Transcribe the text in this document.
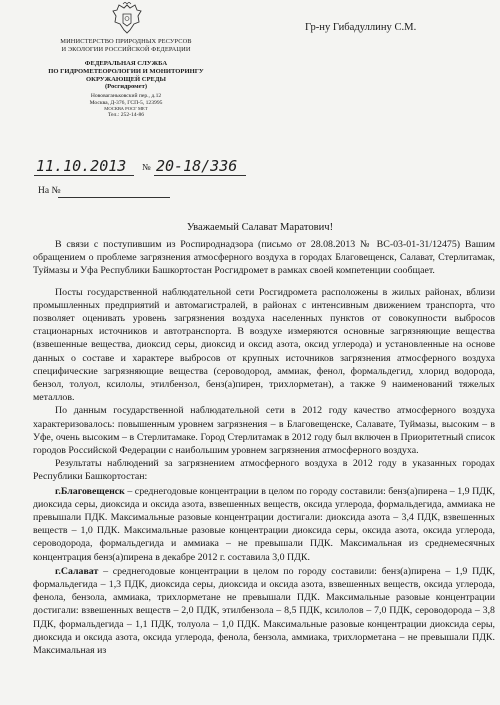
МИНИСТЕРСТВО ПРИРОДНЫХ РЕСУРСОВ
И ЭКОЛОГИИ РОССИЙСКОЙ ФЕДЕРАЦИИ
ФЕДЕРАЛЬНАЯ СЛУЖБА
ПО ГИДРОМЕТЕОРОЛОГИИ И МОНИТОРИНГУ
ОКРУЖАЮЩЕЙ СРЕДЫ
(Росгидромет)
Нововаганьковский пер., д.12
Москва, Д-376, ГСП-5, 123995
МОСКВА РОСГ МЕТ
Тел.: 252-14-86
Гр-ну Гибадуллину С.М.
11.10.2013 № 20-18/336
На №
Уважаемый Салават Маратович!

В связи с поступившим из Роспироднадзора (письмо от 28.08.2013 № ВС-03-01-31/12475) Вашим обращением о проблеме загрязнения атмосферного воздуха в городах Благовещенск, Салават, Стерлитамак, Туймазы и Уфа Республики Башкортостан Росгидромет в рамках своей компетенции сообщает.

Посты государственной наблюдательной сети Росгидромета расположены в жилых районах, вблизи промышленных предприятий и автомагистралей, в районах с интенсивным движением транспорта, что позволяет оценивать уровень загрязнения воздуха населенных пунктов от совокупности выбросов стационарных источников и автотранспорта. В воздухе измеряются основные загрязняющие вещества (взвешенные вещества, диоксид серы, диоксид и оксид азота, оксид углерода) и установленные на основе данных о составе и характере выбросов от крупных источников загрязнения атмосферного воздуха специфические загрязняющие вещества (сероводород, аммиак, фенол, формальдегид, хлорид водорода, бензол, толуол, ксилолы, этилбензол, бенз(а)пирен, трихлорметан), а также 9 наименований тяжелых металлов.

По данным государственной наблюдательной сети в 2012 году качество атмосферного воздуха характеризовалось: повышенным уровнем загрязнения – в Благовещенске, Салавате, Туймазы, высоким – в Уфе, очень высоким – в Стерлитамаке. Город Стерлитамак в 2012 году был включен в Приоритетный список городов Российской Федерации с наибольшим уровнем загрязнения атмосферного воздуха.

Результаты наблюдений за загрязнением атмосферного воздуха в 2012 году в указанных городах Республики Башкортостан:

г.Благовещенск – среднегодовые концентрации в целом по городу составили: бенз(а)пирена – 1,9 ПДК, диоксида серы, диоксида и оксида азота, взвешенных веществ, оксида углерода, формальдегида, аммиака не превышали ПДК. Максимальные разовые концентрации достигали: диоксида азота – 3,4 ПДК, взвешенных веществ – 1,0 ПДК. Максимальные разовые концентрации диоксида серы, оксида азота, оксида углерода, сероводорода, формальдегида и аммиака – не превышали ПДК. Максимальная из среднемесячных концентрация бенз(а)пирена в декабре 2012 г. составила 3,0 ПДК.

г.Салават – среднегодовые концентрации в целом по городу составили: бенз(а)пирена – 1,9 ПДК, формальдегида – 1,3 ПДК, диоксида серы, диоксида и оксида азота, взвешенных веществ, оксида углерода, фенола, бензола, аммиака, трихлорметане не превышали ПДК. Максимальные разовые концентрации достигали: взвешенных веществ – 2,0 ПДК, этилбензола – 8,5 ПДК, ксилолов – 7,0 ПДК, сероводорода – 3,8 ПДК, формальдегида – 1,1 ПДК, толуола – 1,0 ПДК. Максимальные разовые концентрации диоксида серы, диоксида и оксида азота, оксида углерода, фенола, бензола, аммиака, трихлорметана – не превышали ПДК. Максимальная из
